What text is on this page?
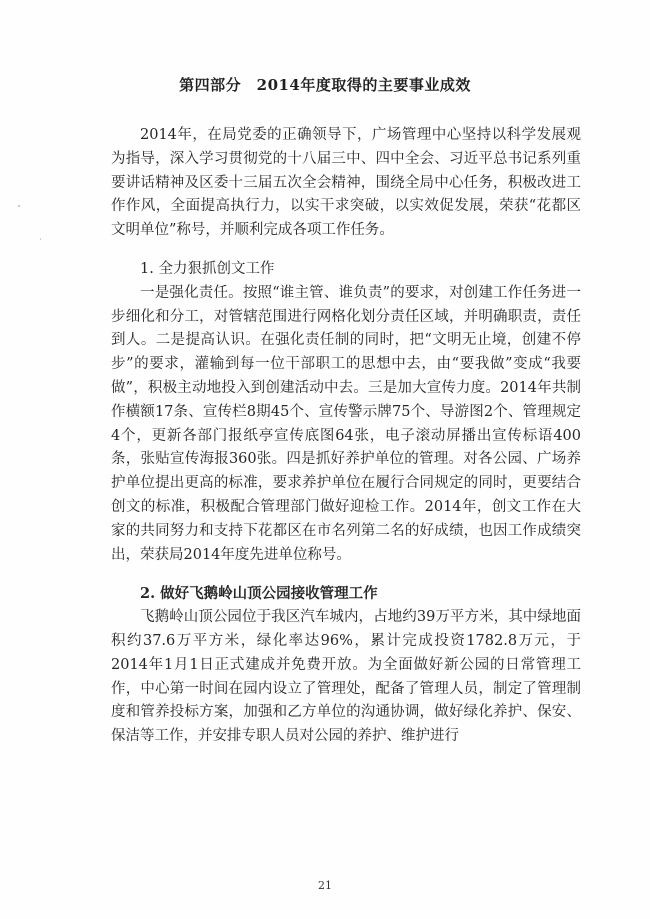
第四部分　2014年度取得的主要事业成效

2014年，在局党委的正确领导下，广场管理中心坚持以科学发展观为指导，深入学习贯彻党的十八届三中、四中全会、习近平总书记系列重要讲话精神及区委十三届五次全会精神，围绕全局中心任务，积极改进工作作风，全面提高执行力，以实干求突破，以实效促发展，荣获“花都区文明单位”称号，并顺利完成各项工作任务。

1. 全力狠抓创文工作

一是强化责任。按照“谁主管、谁负责”的要求，对创建工作任务进一步细化和分工，对管辖范围进行网格化划分责任区域，并明确职责，责任到人。二是提高认识。在强化责任制的同时，把“文明无止境，创建不停步”的要求，灌输到每一位干部职工的思想中去，由“要我做”变成“我要做”，积极主动地投入到创建活动中去。三是加大宣传力度。2014年共制作横额17条、宣传栏8期45个、宣传警示牌75个、导游图2个、管理规定4个，更新各部门报纸亭宣传底图64张，电子滚动屏播出宣传标语400条，张贴宣传海报360张。四是抓好养护单位的管理。对各公园、广场养护单位提出更高的标准，要求养护单位在履行合同规定的同时，更要结合创文的标准，积极配合管理部门做好迎检工作。2014年，创文工作在大家的共同努力和支持下花都区在市名列第二名的好成绩，也因工作成绩突出，荣获局2014年度先进单位称号。

2. 做好飞鹅岭山顶公园接收管理工作

飞鹅岭山顶公园位于我区汽车城内，占地约39万平方米，其中绿地面积约37.6万平方米，绿化率达96%，累计完成投资1782.8万元，于2014年1月1日正式建成并免费开放。为全面做好新公园的日常管理工作，中心第一时间在园内设立了管理处，配备了管理人员，制定了管理制度和管养投标方案，加强和乙方单位的沟通协调，做好绿化养护、保安、保洁等工作，并安排专职人员对公园的养护、维护进行

21
